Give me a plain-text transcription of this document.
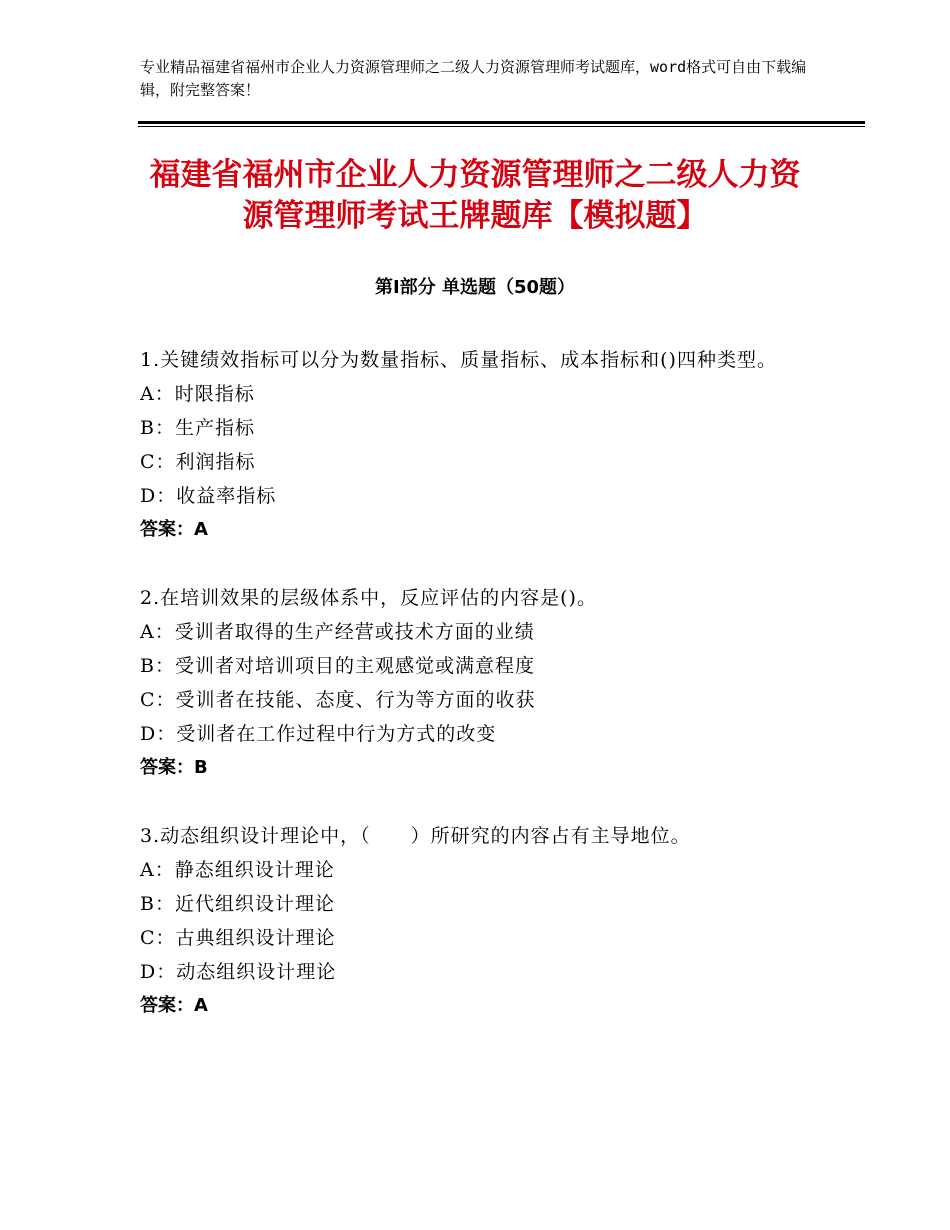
专业精品福建省福州市企业人力资源管理师之二级人力资源管理师考试题库，word格式可自由下载编辑，附完整答案！
福建省福州市企业人力资源管理师之二级人力资源管理师考试王牌题库【模拟题】
第Ⅰ部分 单选题（50题）
1.关键绩效指标可以分为数量指标、质量指标、成本指标和()四种类型。
A：时限指标
B：生产指标
C：利润指标
D：收益率指标
答案：A
2.在培训效果的层级体系中，反应评估的内容是()。
A：受训者取得的生产经营或技术方面的业绩
B：受训者对培训项目的主观感觉或满意程度
C：受训者在技能、态度、行为等方面的收获
D：受训者在工作过程中行为方式的改变
答案：B
3.动态组织设计理论中，（　　）所研究的内容占有主导地位。
A：静态组织设计理论
B：近代组织设计理论
C：古典组织设计理论
D：动态组织设计理论
答案：A
